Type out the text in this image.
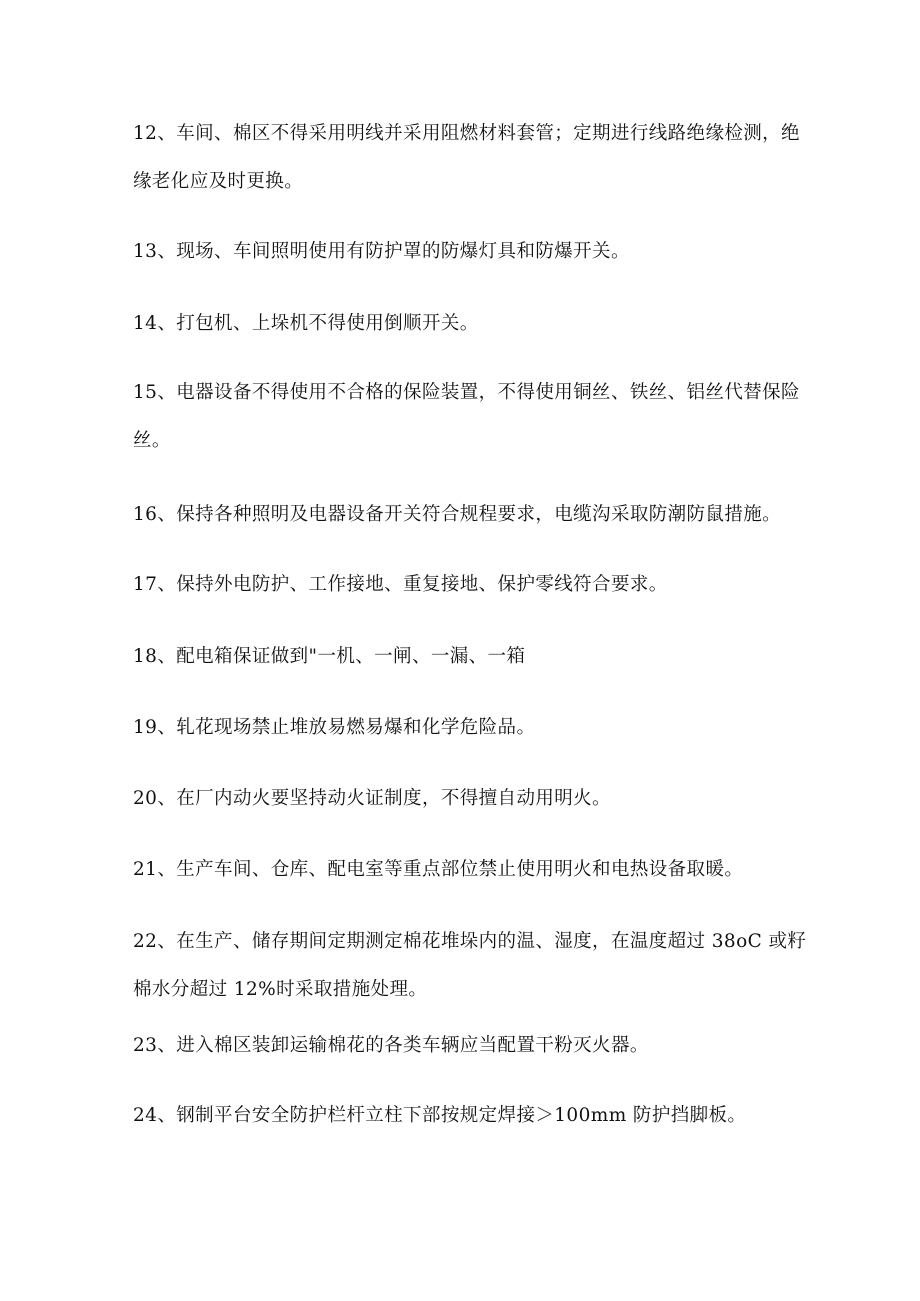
12、车间、棉区不得采用明线并采用阻燃材料套管；定期进行线路绝缘检测，绝
缘老化应及时更换。

13、现场、车间照明使用有防护罩的防爆灯具和防爆开关。

14、打包机、上垛机不得使用倒顺开关。

15、电器设备不得使用不合格的保险装置，不得使用铜丝、铁丝、铝丝代替保险
丝。

16、保持各种照明及电器设备开关符合规程要求，电缆沟采取防潮防鼠措施。

17、保持外电防护、工作接地、重复接地、保护零线符合要求。

18、配电箱保证做到"一机、一闸、一漏、一箱

19、轧花现场禁止堆放易燃易爆和化学危险品。

20、在厂内动火要坚持动火证制度，不得擅自动用明火。

21、生产车间、仓库、配电室等重点部位禁止使用明火和电热设备取暖。

22、在生产、储存期间定期测定棉花堆垛内的温、湿度，在温度超过 38oC 或籽
棉水分超过 12%时采取措施处理。

23、进入棉区装卸运输棉花的各类车辆应当配置干粉灭火器。

24、钢制平台安全防护栏杆立柱下部按规定焊接＞100mm 防护挡脚板。
